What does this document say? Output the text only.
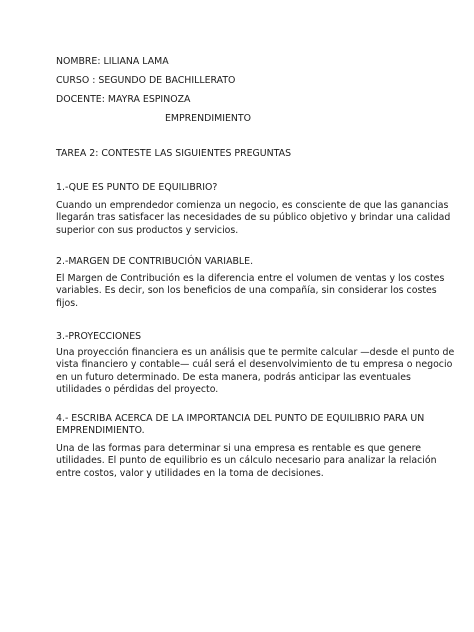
NOMBRE: LILIANA LAMA
CURSO : SEGUNDO DE BACHILLERATO
DOCENTE: MAYRA ESPINOZA
EMPRENDIMIENTO
TAREA 2: CONTESTE LAS SIGUIENTES PREGUNTAS
1.-QUE ES PUNTO DE EQUILIBRIO?
Cuando un emprendedor comienza un negocio, es consciente de que las ganancias
llegarán tras satisfacer las necesidades de su público objetivo y brindar una calidad
superior con sus productos y servicios.
2.-MARGEN DE CONTRIBUCIÓN VARIABLE.
El Margen de Contribución es la diferencia entre el volumen de ventas y los costes
variables. Es decir, son los beneficios de una compañía, sin considerar los costes
fijos.
3.-PROYECCIONES
Una proyección financiera es un análisis que te permite calcular —desde el punto de
vista financiero y contable— cuál será el desenvolvimiento de tu empresa o negocio
en un futuro determinado. De esta manera, podrás anticipar las eventuales
utilidades o pérdidas del proyecto.
4.- ESCRIBA ACERCA DE LA IMPORTANCIA DEL PUNTO DE EQUILIBRIO PARA UN
EMPRENDIMIENTO.
Una de las formas para determinar si una empresa es rentable es que genere
utilidades. El punto de equilibrio es un cálculo necesario para analizar la relación
entre costos, valor y utilidades en la toma de decisiones.
